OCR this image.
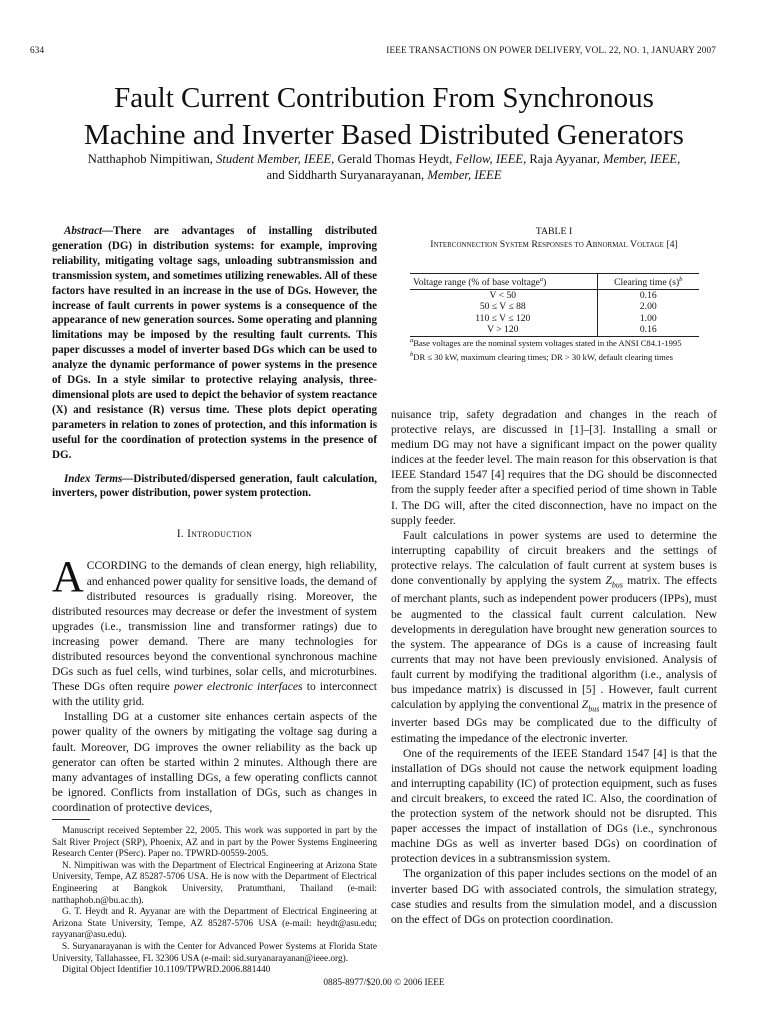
634	IEEE TRANSACTIONS ON POWER DELIVERY, VOL. 22, NO. 1, JANUARY 2007
Fault Current Contribution From Synchronous
Machine and Inverter Based Distributed Generators
Natthaphob Nimpitiwan, Student Member, IEEE, Gerald Thomas Heydt, Fellow, IEEE, Raja Ayyanar, Member, IEEE,
and Siddharth Suryanarayanan, Member, IEEE

Abstract—There are advantages of installing distributed generation (DG) in distribution systems: for example, improving reliability, mitigating voltage sags, unloading subtransmission and transmission system, and sometimes utilizing renewables. All of these factors have resulted in an increase in the use of DGs. However, the increase of fault currents in power systems is a consequence of the appearance of new generation sources. Some operating and planning limitations may be imposed by the resulting fault currents. This paper discusses a model of inverter based DGs which can be used to analyze the dynamic performance of power systems in the presence of DGs. In a style similar to protective relaying analysis, three-dimensional plots are used to depict the behavior of system reactance (X) and resistance (R) versus time. These plots depict operating parameters in relation to zones of protection, and this information is useful for the coordination of protection systems in the presence of DG.

Index Terms—Distributed/dispersed generation, fault calculation, inverters, power distribution, power system protection.

I. Introduction

ACCORDING to the demands of clean energy, high reliability, and enhanced power quality for sensitive loads, the demand of distributed resources is gradually rising. Moreover, the distributed resources may decrease or defer the investment of system upgrades (i.e., transmission line and transformer ratings) due to increasing power demand. There are many technologies for distributed resources beyond the conventional synchronous machine DGs such as fuel cells, wind turbines, solar cells, and microturbines. These DGs often require power electronic interfaces to interconnect with the utility grid.

Installing DG at a customer site enhances certain aspects of the power quality of the owners by mitigating the voltage sag during a fault. Moreover, DG improves the owner reliability as the back up generator can often be started within 2 minutes. Although there are many advantages of installing DGs, a few operating conflicts cannot be ignored. Conflicts from installation of DGs, such as changes in coordination of protective devices,

Manuscript received September 22, 2005. This work was supported in part by the Salt River Project (SRP), Phoenix, AZ and in part by the Power Systems Engineering Research Center (PSerc). Paper no. TPWRD-00559-2005.

N. Nimpitiwan was with the Department of Electrical Engineering at Arizona State University, Tempe, AZ 85287-5706 USA. He is now with the Department of Electrical Engineering at Bangkok University, Pratumthani, Thailand (e-mail: natthaphob.n@bu.ac.th).

G. T. Heydt and R. Ayyanar are with the Department of Electrical Engineering at Arizona State University, Tempe, AZ 85287-5706 USA (e-mail: heydt@asu.edu; rayyanar@asu.edu).

S. Suryanarayanan is with the Center for Advanced Power Systems at Florida State University, Tallahassee, FL 32306 USA (e-mail: sid.suryanarayanan@ieee.org).

Digital Object Identifier 10.1109/TPWRD.2006.881440

TABLE I
Interconnection System Responses to Abnormal Voltage [4]
Voltage range (% of base voltage$^a$)	Clearing time $(s)^b$
V < 50	0.16
50 ≤ V ≤ 88	2.00
110 ≤ V ≤ 120	1.00
V > 120	0.16
$^a$Base voltages are the nominal system voltages stated in the ANSI C84.1-1995
$^b$DR ≤ 30 kW, maximum clearing times; DR > 30 kW, default clearing times

nuisance trip, safety degradation and changes in the reach of protective relays, are discussed in [1]–[3]. Installing a small or medium DG may not have a significant impact on the power quality indices at the feeder level. The main reason for this observation is that IEEE Standard 1547 [4] requires that the DG should be disconnected from the supply feeder after a specified period of time shown in Table I. The DG will, after the cited disconnection, have no impact on the supply feeder.

Fault calculations in power systems are used to determine the interrupting capability of circuit breakers and the settings of protective relays. The calculation of fault current at system buses is done conventionally by applying the system $Z_{bus}$ matrix. The effects of merchant plants, such as independent power producers (IPPs), must be augmented to the classical fault current calculation. New developments in deregulation have brought new generation sources to the system. The appearance of DGs is a cause of increasing fault currents that may not have been previously envisioned. Analysis of fault current by modifying the traditional algorithm (i.e., analysis of bus impedance matrix) is discussed in [5] . However, fault current calculation by applying the conventional $Z_{bus}$ matrix in the presence of inverter based DGs may be complicated due to the difficulty of estimating the impedance of the electronic inverter.

One of the requirements of the IEEE Standard 1547 [4] is that the installation of DGs should not cause the network equipment loading and interrupting capability (IC) of protection equipment, such as fuses and circuit breakers, to exceed the rated IC. Also, the coordination of the protection system of the network should not be disrupted. This paper accesses the impact of installation of DGs (i.e., synchronous machine DGs as well as inverter based DGs) on coordination of protection devices in a subtransmission system.

The organization of this paper includes sections on the model of an inverter based DG with associated controls, the simulation strategy, case studies and results from the simulation model, and a discussion on the effect of DGs on protection coordination.

0885-8977/$20.00 © 2006 IEEE
